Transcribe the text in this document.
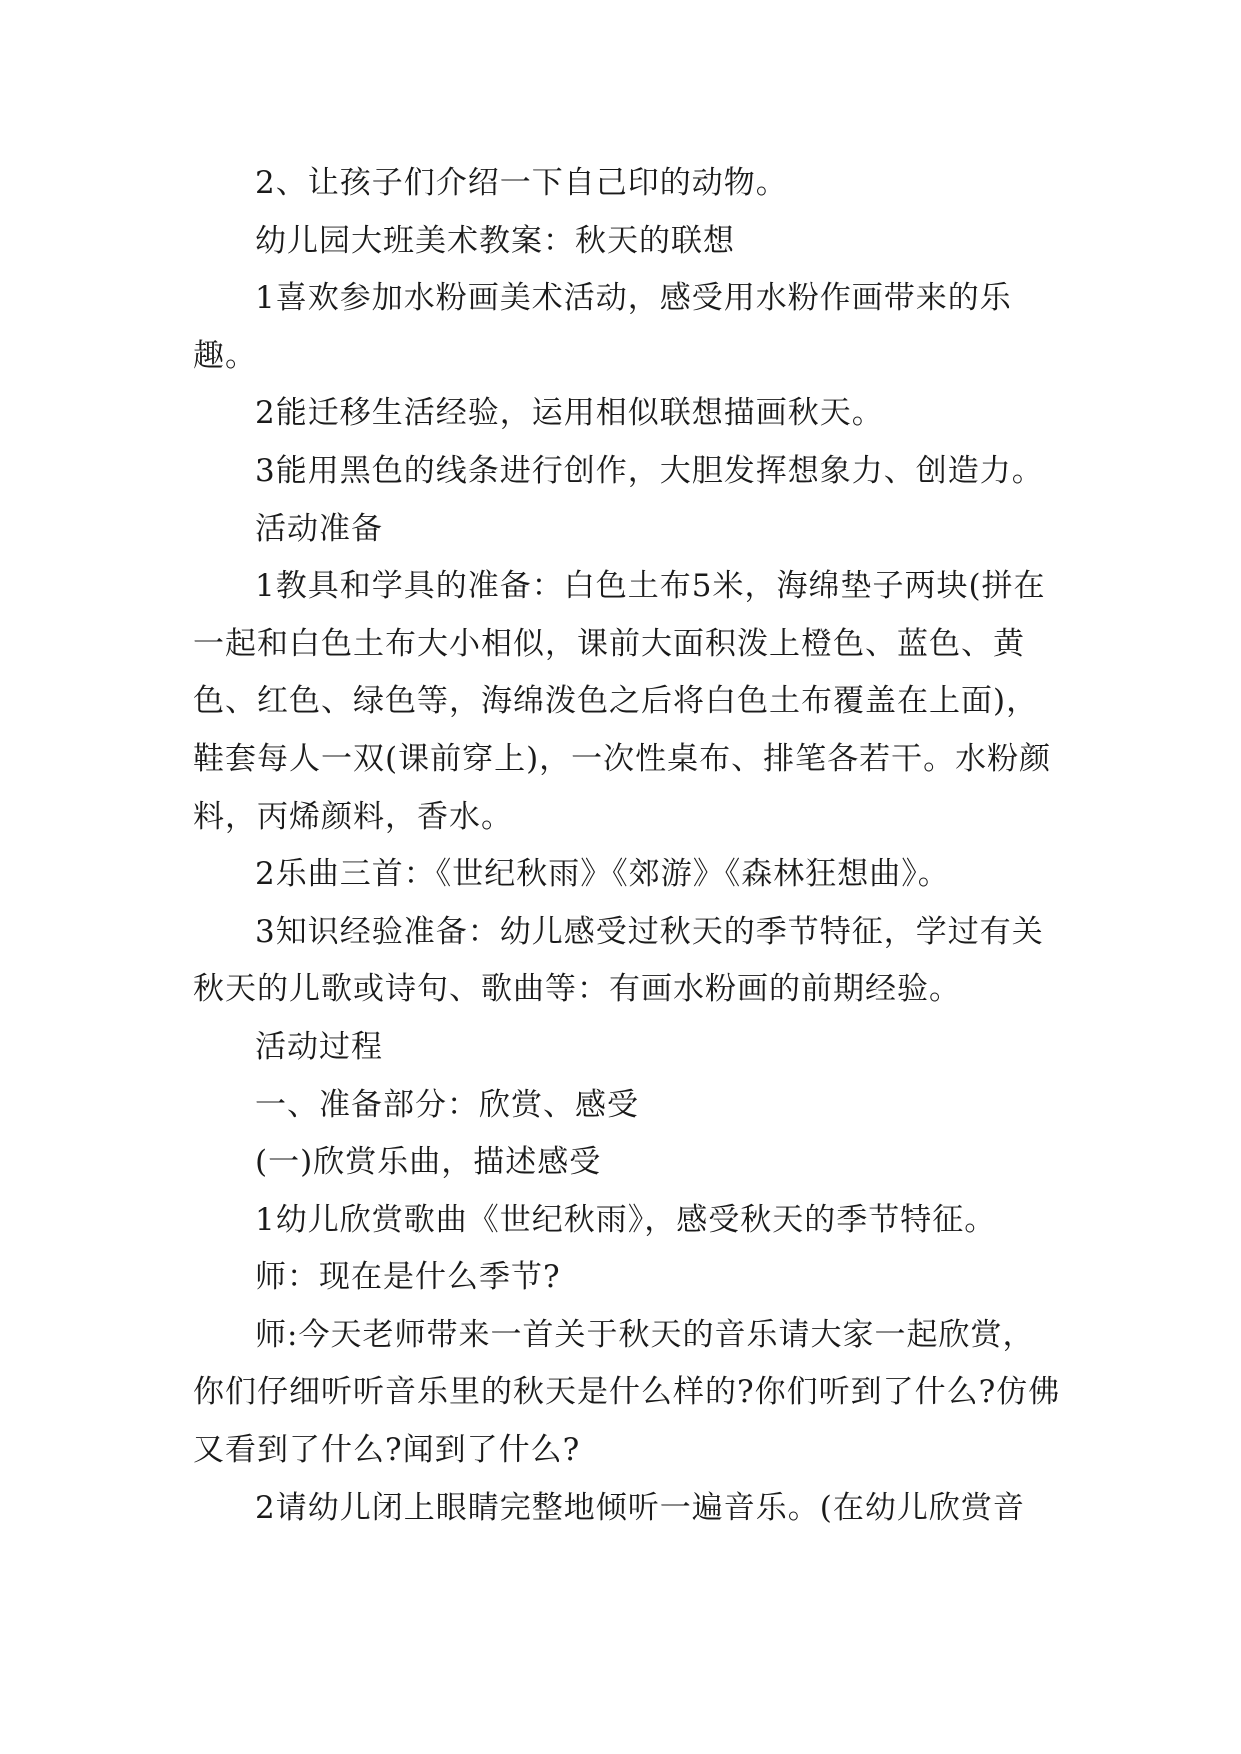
2、让孩子们介绍一下自己印的动物。

幼儿园大班美术教案：秋天的联想

1喜欢参加水粉画美术活动，感受用水粉作画带来的乐趣。

2能迁移生活经验，运用相似联想描画秋天。

3能用黑色的线条进行创作，大胆发挥想象力、创造力。

活动准备

1教具和学具的准备：白色土布5米，海绵垫子两块(拼在一起和白色土布大小相似，课前大面积泼上橙色、蓝色、黄色、红色、绿色等，海绵泼色之后将白色土布覆盖在上面)，鞋套每人一双(课前穿上)，一次性桌布、排笔各若干。水粉颜料，丙烯颜料，香水。

2乐曲三首：《世纪秋雨》《郊游》《森林狂想曲》。

3知识经验准备：幼儿感受过秋天的季节特征，学过有关秋天的儿歌或诗句、歌曲等：有画水粉画的前期经验。

活动过程

一、准备部分：欣赏、感受

(一)欣赏乐曲，描述感受

1幼儿欣赏歌曲《世纪秋雨》，感受秋天的季节特征。

师：现在是什么季节?

师:今天老师带来一首关于秋天的音乐请大家一起欣赏，你们仔细听听音乐里的秋天是什么样的?你们听到了什么?仿佛又看到了什么?闻到了什么?

2请幼儿闭上眼睛完整地倾听一遍音乐。(在幼儿欣赏音
